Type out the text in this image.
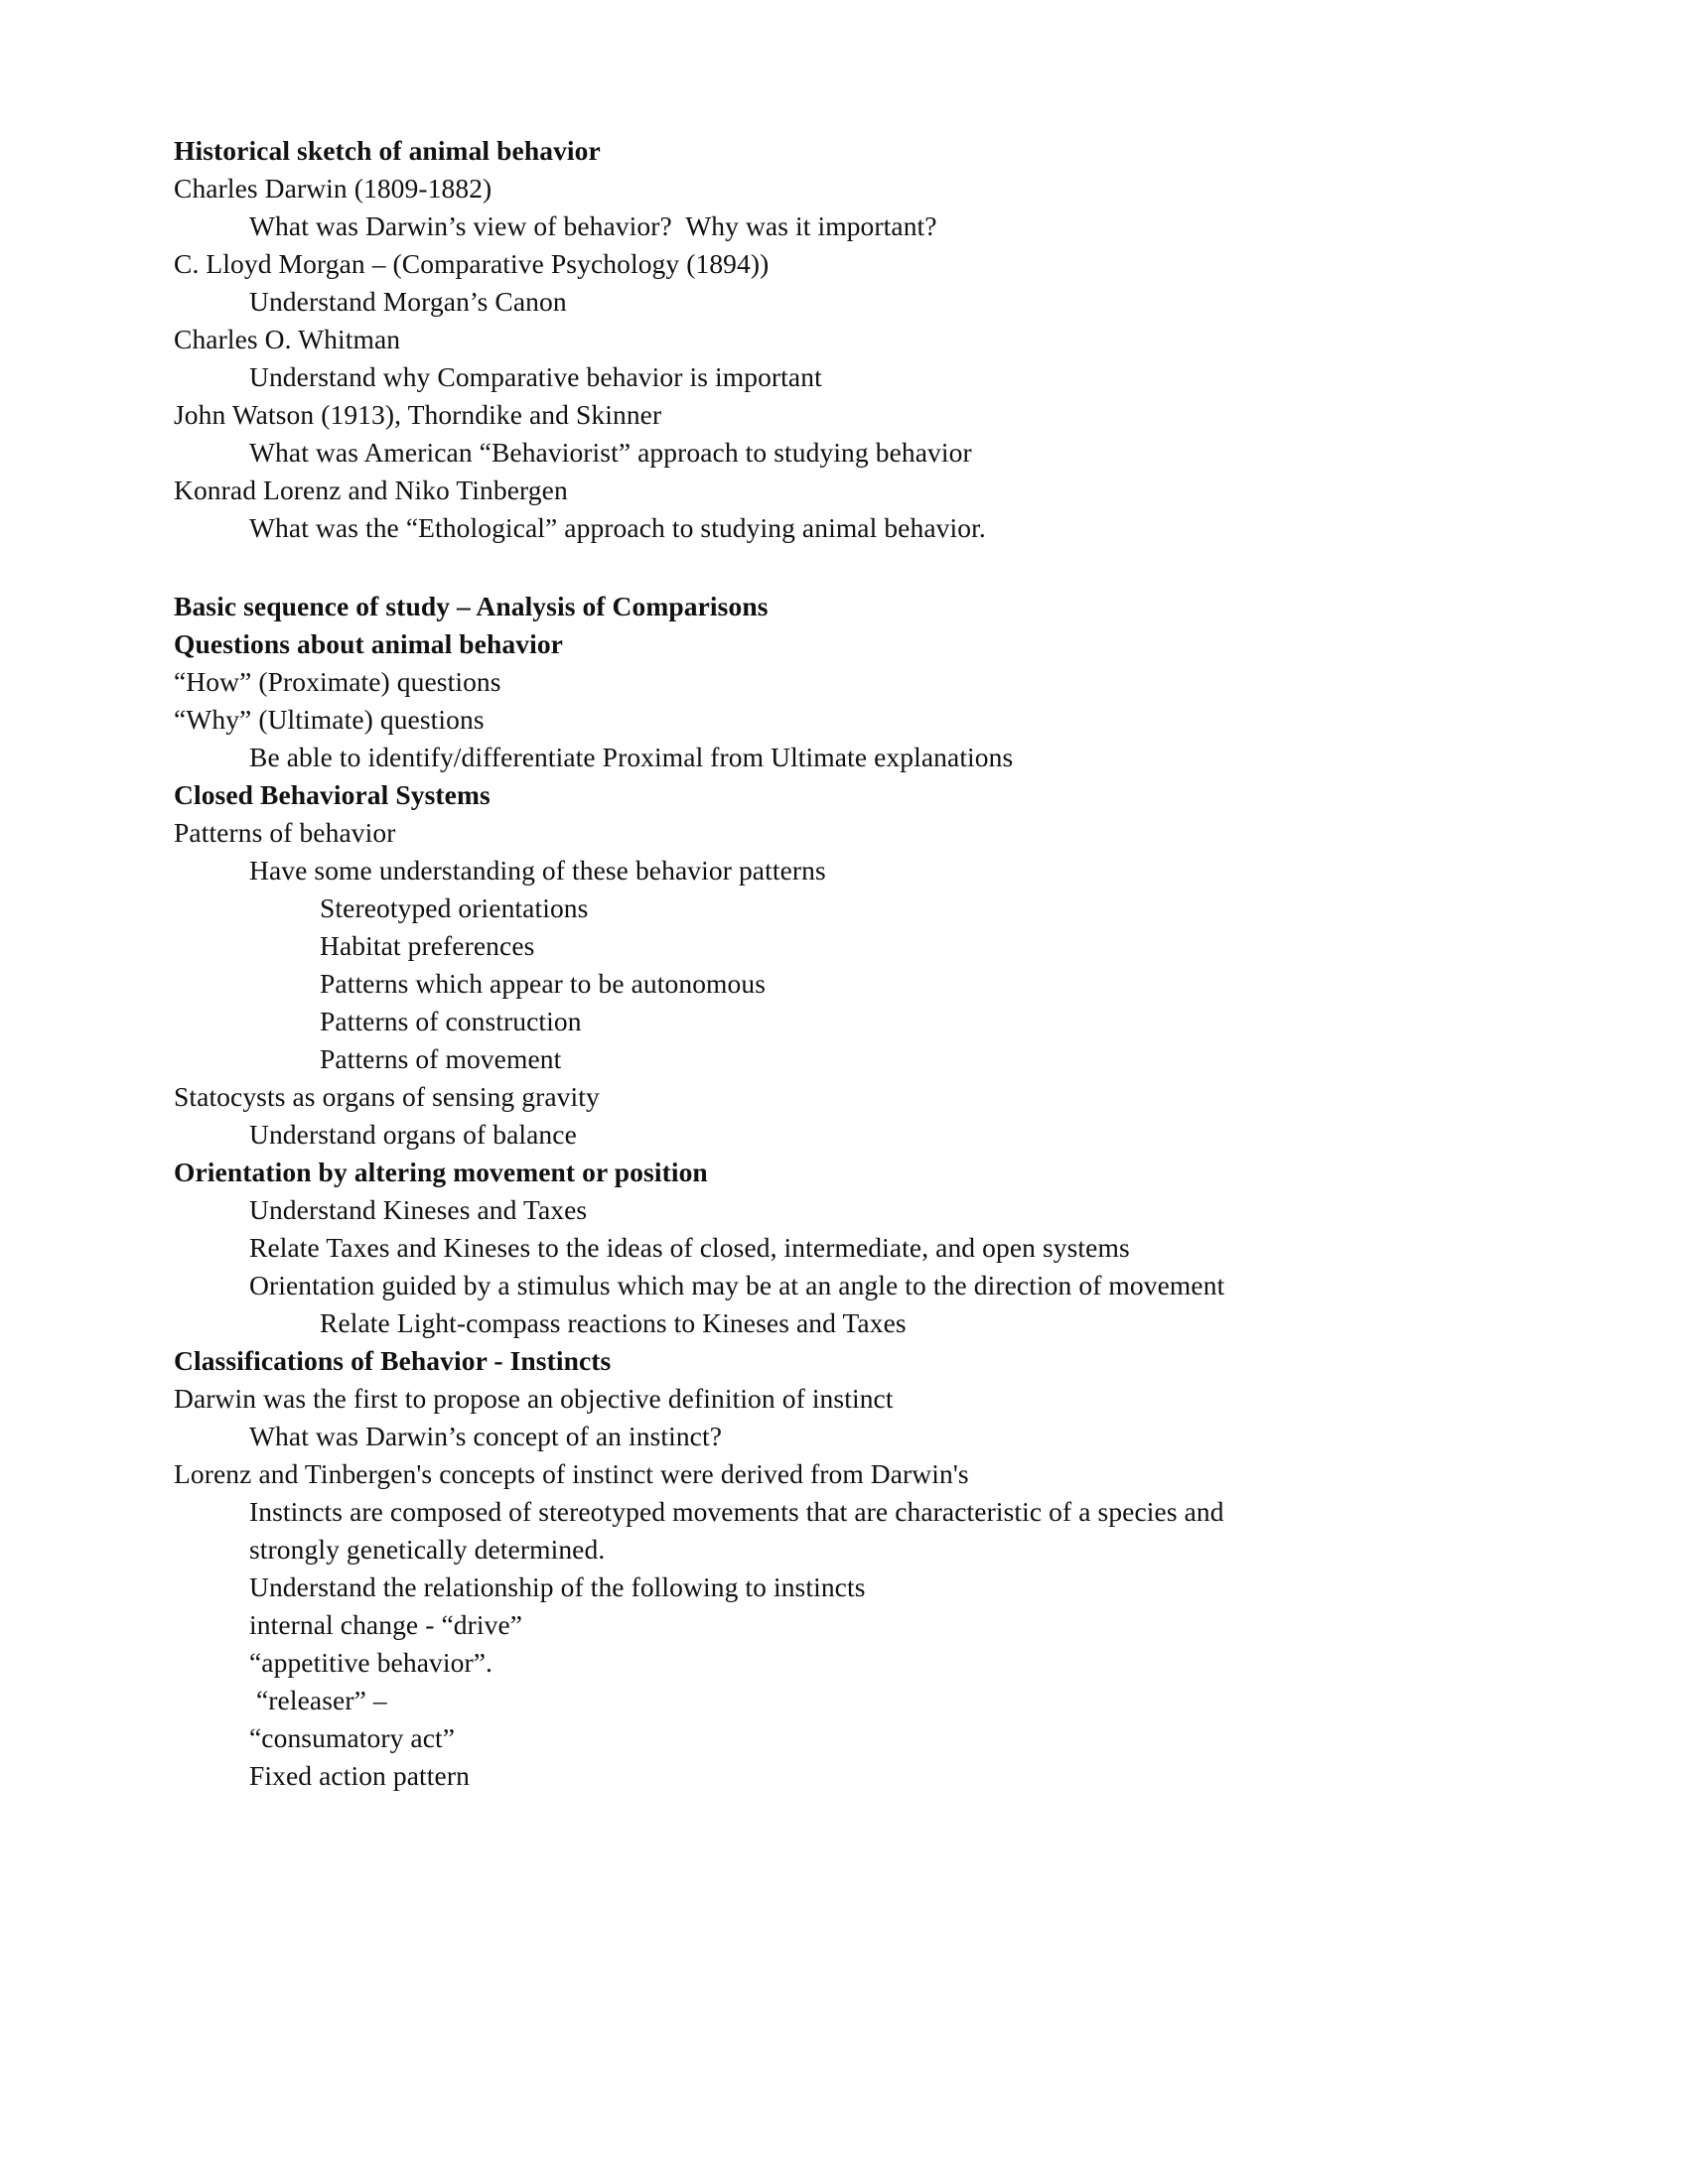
Historical sketch of animal behavior
Charles Darwin (1809-1882)
What was Darwin’s view of behavior?  Why was it important?
C. Lloyd Morgan – (Comparative Psychology (1894))
Understand Morgan’s Canon
Charles O. Whitman
Understand why Comparative behavior is important
John Watson (1913), Thorndike and Skinner
What was American “Behaviorist” approach to studying behavior
Konrad Lorenz and Niko Tinbergen
What was the “Ethological” approach to studying animal behavior.
Basic sequence of study – Analysis of Comparisons
Questions about animal behavior
“How” (Proximate) questions
“Why” (Ultimate) questions
Be able to identify/differentiate Proximal from Ultimate explanations
Closed Behavioral Systems
Patterns of behavior
Have some understanding of these behavior patterns
Stereotyped orientations
Habitat preferences
Patterns which appear to be autonomous
Patterns of construction
Patterns of movement
Statocysts as organs of sensing gravity
Understand organs of balance
Orientation by altering movement or position
Understand Kineses and Taxes
Relate Taxes and Kineses to the ideas of closed, intermediate, and open systems
Orientation guided by a stimulus which may be at an angle to the direction of movement
Relate Light-compass reactions to Kineses and Taxes
Classifications of Behavior - Instincts
Darwin was the first to propose an objective definition of instinct
What was Darwin’s concept of an instinct?
Lorenz and Tinbergen's concepts of instinct were derived from Darwin's
Instincts are composed of stereotyped movements that are characteristic of a species and strongly genetically determined.
Understand the relationship of the following to instincts
internal change - “drive”
“appetitive behavior”.
“releaser” –
“consumatory act”
Fixed action pattern
